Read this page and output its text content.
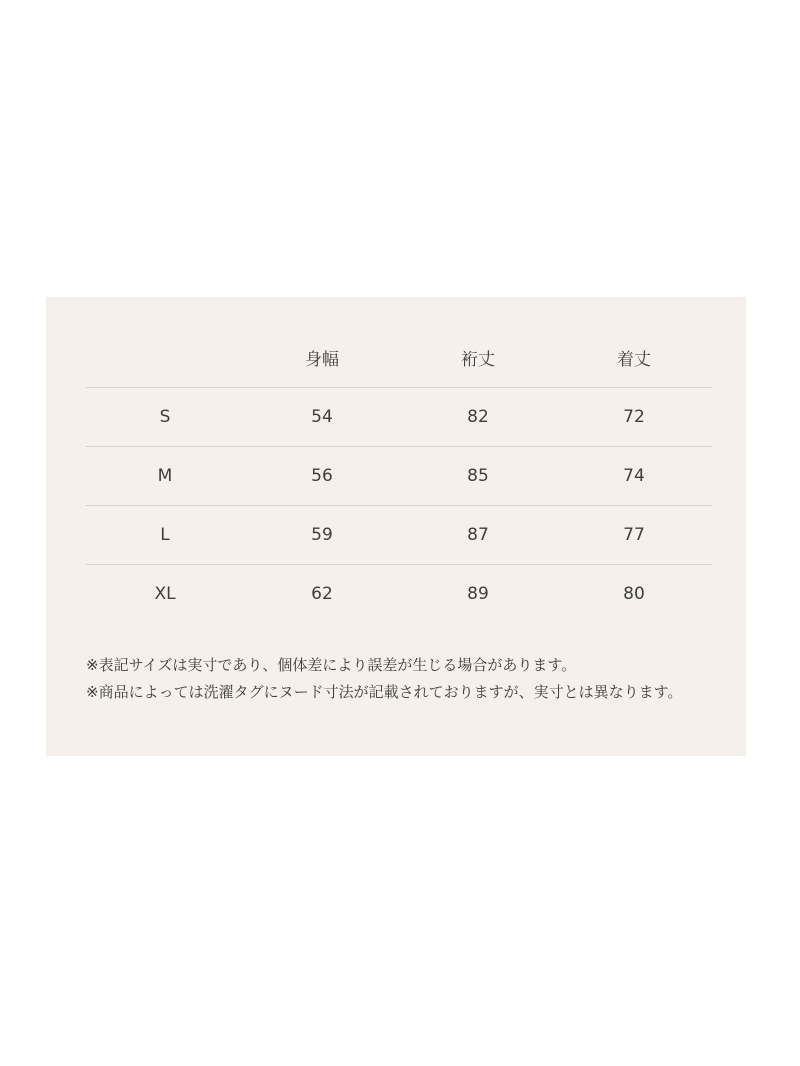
	身幅	裄丈	着丈
S	54	82	72
M	56	85	74
L	59	87	77
XL	62	89	80

※表記サイズは実寸であり、個体差により誤差が生じる場合があります。

※商品によっては洗濯タグにヌード寸法が記載されておりますが、実寸とは異なります。
